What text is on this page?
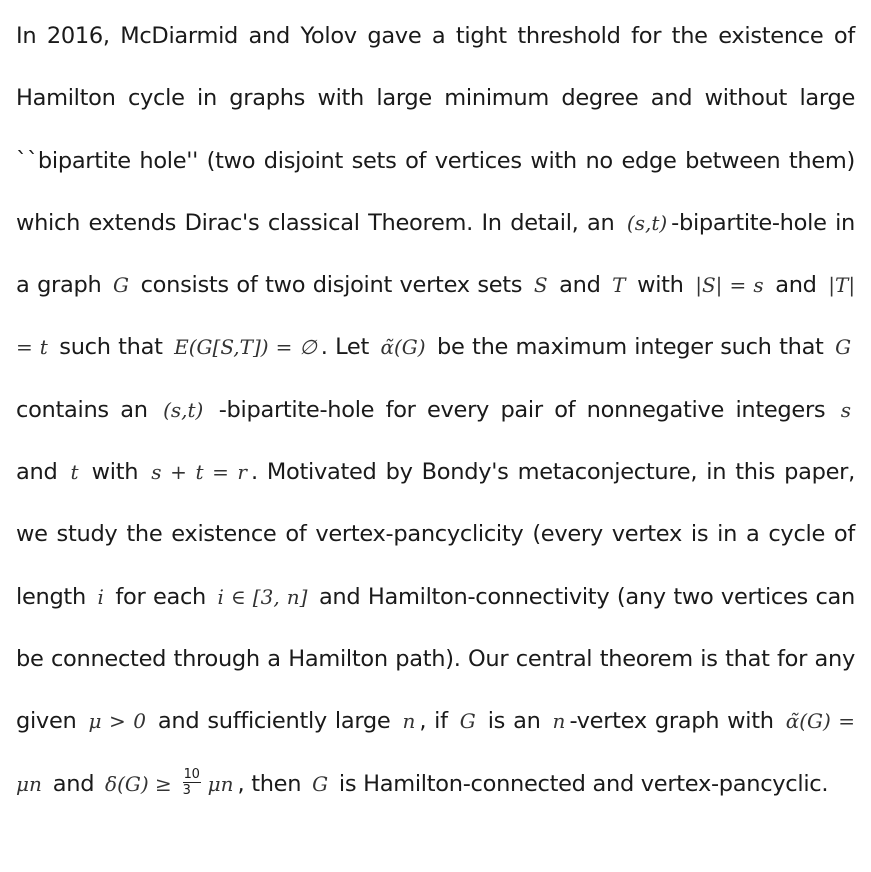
In 2016, McDiarmid and Yolov gave a tight threshold for the existence of Hamilton cycle in graphs with large minimum degree and without large ``bipartite hole'' (two disjoint sets of vertices with no edge between them) which extends Dirac's classical Theorem. In detail, an (s,t) -bipartite-hole in a graph G consists of two disjoint vertex sets S and T with |S| = s and |T| = t such that E(G[S,T]) = ∅ . Let α̃(G) be the maximum integer such that G contains an (s,t) -bipartite-hole for every pair of nonnegative integers s and t with s + t = r . Motivated by Bondy's metaconjecture, in this paper, we study the existence of vertex-pancyclicity (every vertex is in a cycle of length i for each i ∈ [3, n] and Hamilton-connectivity (any two vertices can be connected through a Hamilton path). Our central theorem is that for any given μ > 0 and sufficiently large n , if G is an n -vertex graph with α̃(G) = μn and $\delta(G) \ge \frac{10}{3}$ μn , then G is Hamilton-connected and vertex-pancyclic.
